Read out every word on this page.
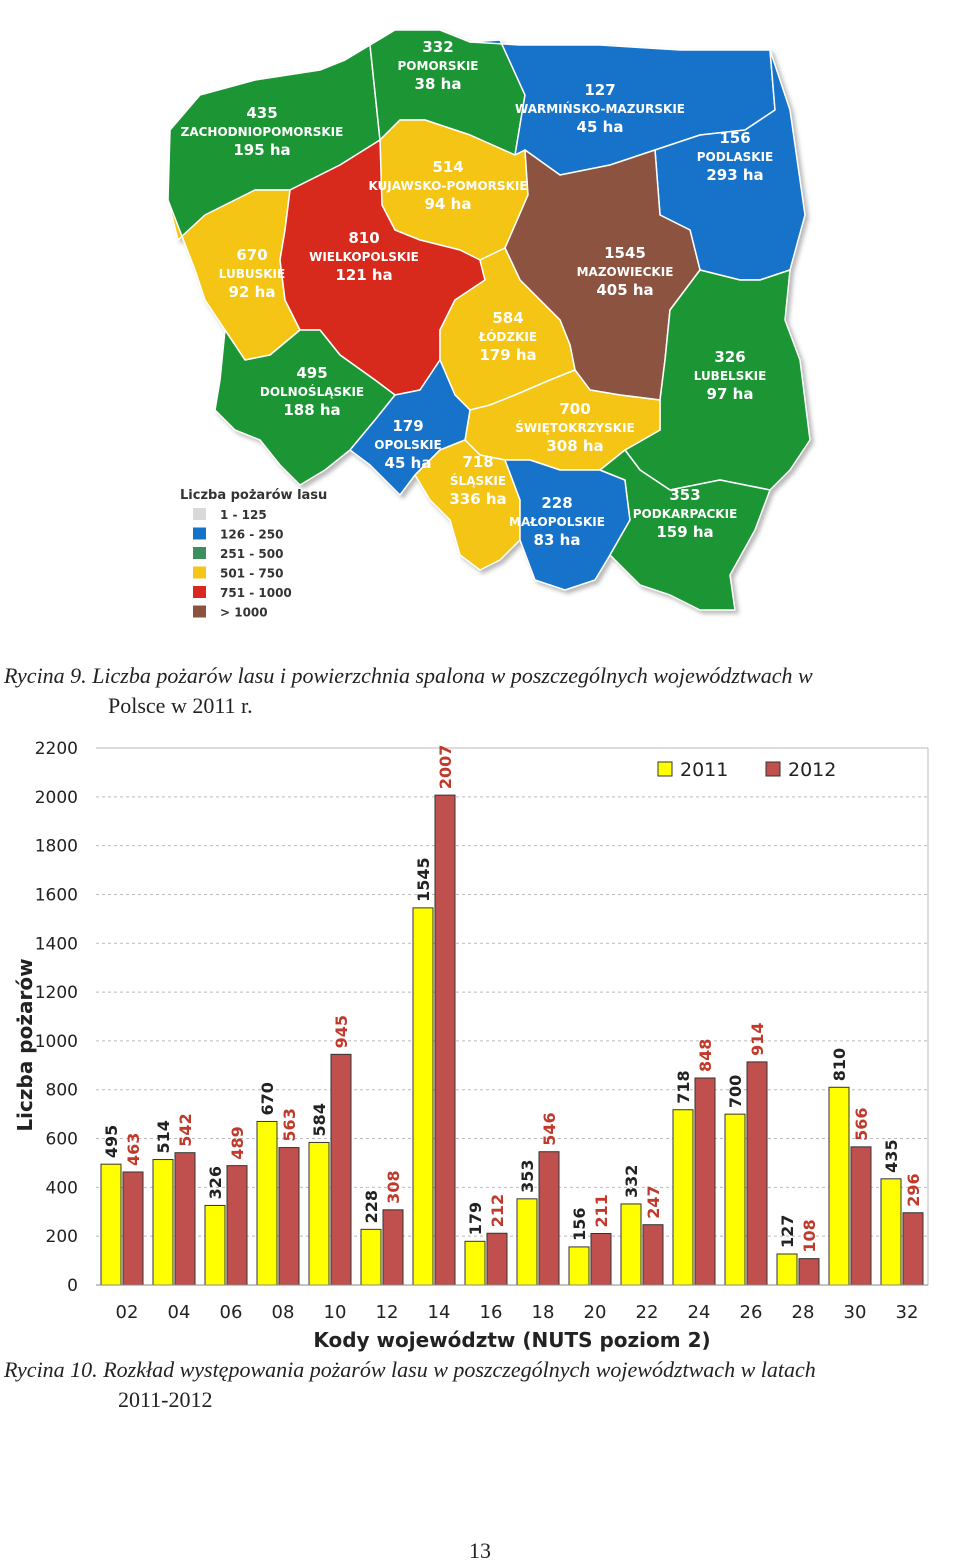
435
ZACHODNIOPOMORSKIE
195 ha
332
POMORSKIE
38 ha	127
WARMIŃSKO-MAZURSKIE
45 ha
156
PODLASKIE
293 ha
514
KUJAWSKO-POMORSKIE
94 ha
670
LUBUSKIE
92 ha
810
WIELKOPOLSKIE
121 ha
1545
MAZOWIECKIE
405 ha
584
ŁÓDZKIE
179 ha	326
LUBELSKIE
97 ha
495
DOLNOŚLĄSKIE
188 ha	700
ŚWIĘTOKRZYSKIE
308 ha
179
OPOLSKIE
45 ha 718
ŚLĄSKIE
336 ha 228
MAŁOPOLSKIE
83 ha
353
PODKARPACKIE
159 ha
Liczba pożarów lasu
1 - 125
126 - 250
251 - 500
501 - 750
751 - 1000
> 1000
Rycina 9. Liczba pożarów lasu i powierzchnia spalona w poszczególnych województwach w
Polsce w 2011 r.
0
200
400
600
800
1000
1200
1400
1600
1800
2000
2200
495 463 514 542
326
489
670
563 584
945
228
308
1545
2007
179 212
353
546
156 211
332
247
718
848
700
914
127 108
810
566
435
296
02 04 06 08 10 12 14 16 18 20 22 24 26 28 30 32
Kody województw (NUTS poziom 2)
Liczba pożarów
2011	2012
Rycina 10. Rozkład występowania pożarów lasu w poszczególnych województwach w latach
2011-2012
13
